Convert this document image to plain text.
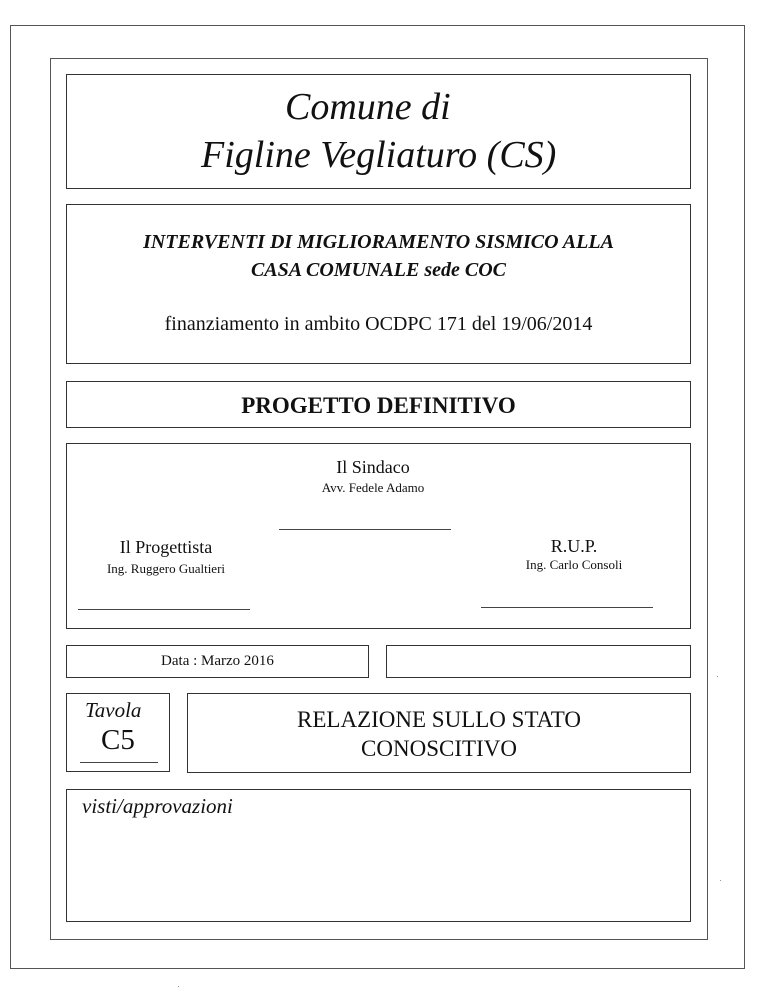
Comune di
Figline Vegliaturo (CS)
INTERVENTI DI MIGLIORAMENTO SISMICO ALLA
CASA COMUNALE sede COC
finanziamento in ambito OCDPC 171 del 19/06/2014
PROGETTO DEFINITIVO
Il Sindaco
Avv. Fedele Adamo
Il Progettista
Ing. Ruggero Gualtieri
R.U.P.
Ing. Carlo Consoli
Data : Marzo 2016
Tavola
C5
RELAZIONE SULLO STATO
CONOSCITIVO
visti/approvazioni
